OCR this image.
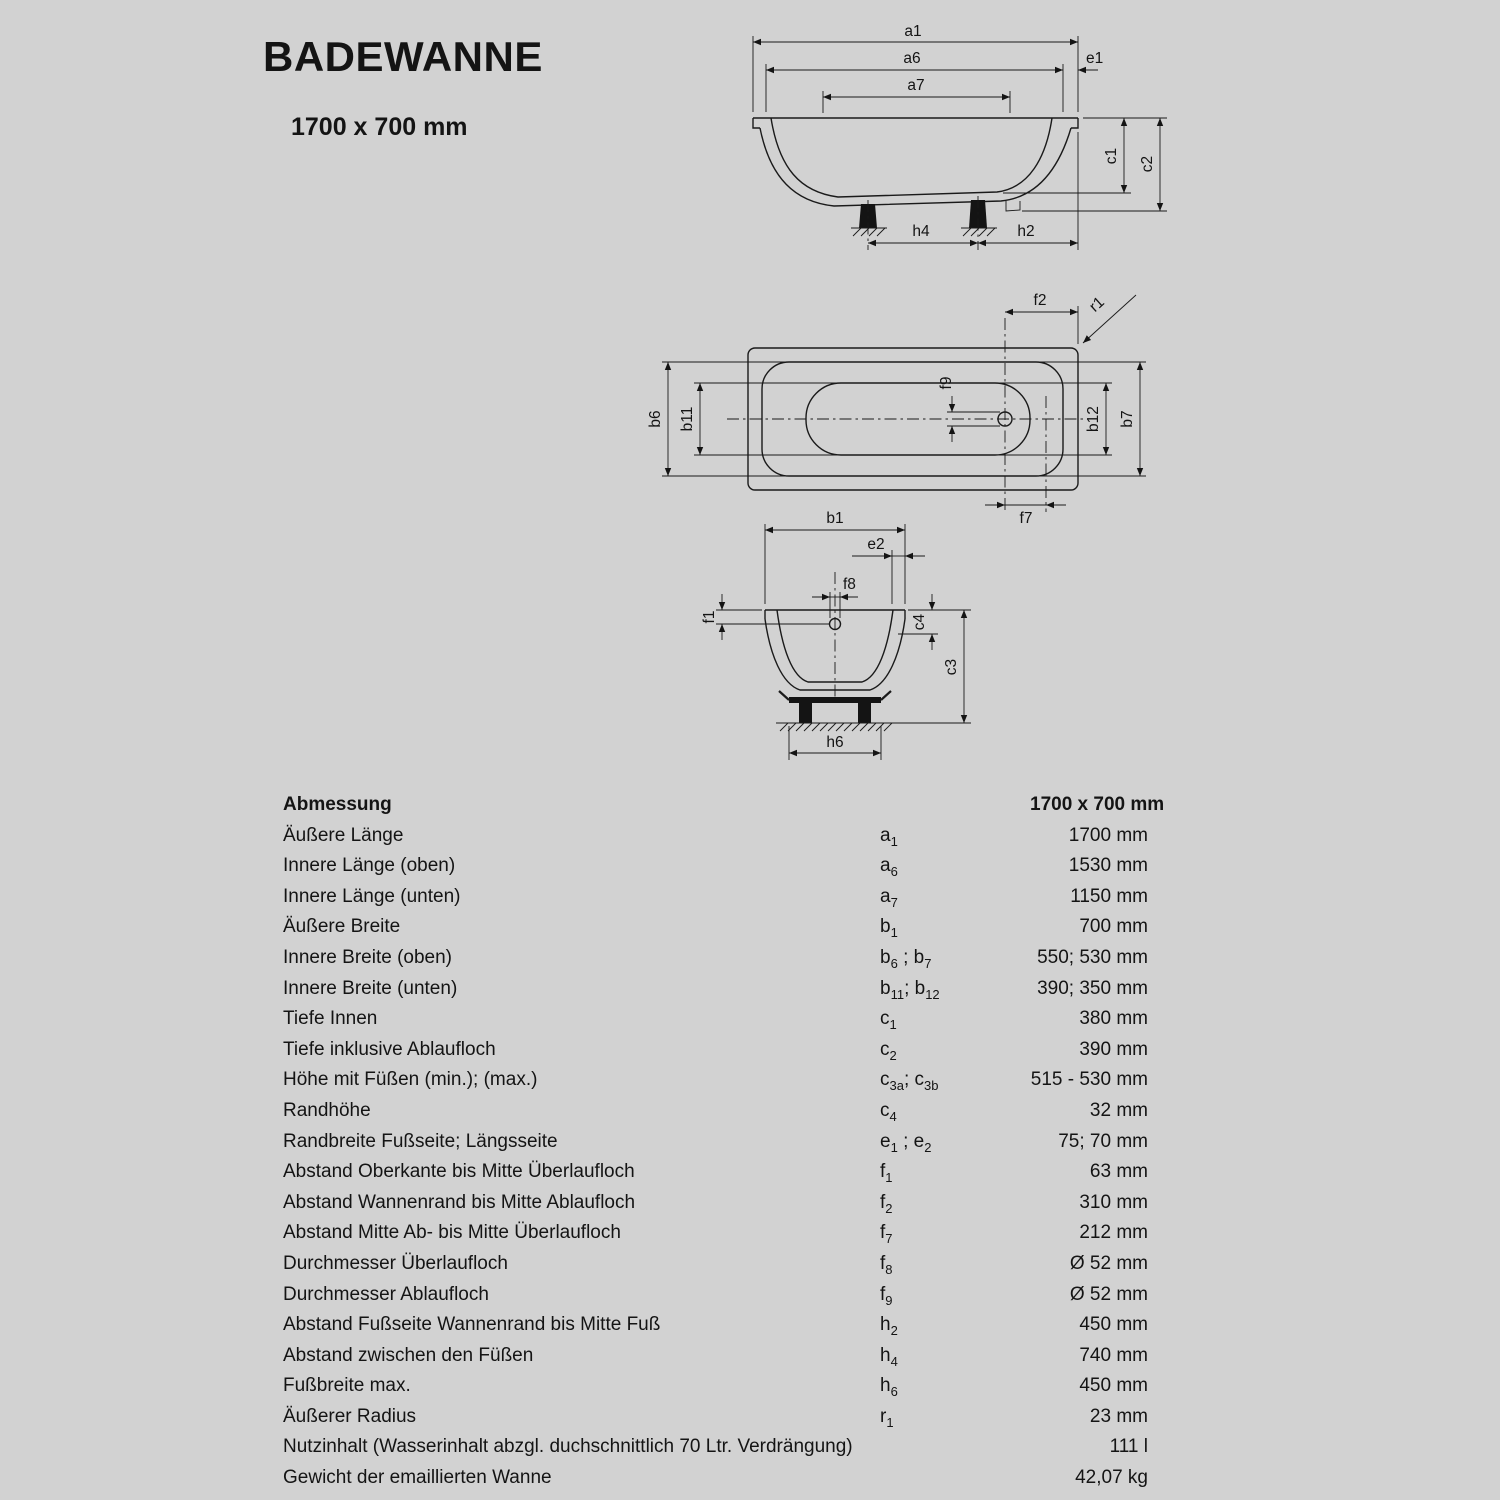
BADEWANNE
1700 x 700 mm
a1
a6	e1
a7
c1 c2
h4	h2
f2	r1
f9
b6 b11	b12 b7
f7
b1
e2
f8
f1	c4
c3
h6
Abmessung	1700 x 700 mm
Äußere Länge	$a_1$	1700 mm
Innere Länge (oben)	$a_6$	1530 mm
Innere Länge (unten)	$a_7$	1150 mm
Äußere Breite	$b_1$	700 mm
Innere Breite (oben)	$b_6$ ; $b_7$	550; 530 mm
Innere Breite (unten)	$b_{11}$; $b_{12}$	390; 350 mm
Tiefe Innen	$c_1$	380 mm
Tiefe inklusive Ablaufloch	$c_2$	390 mm
Höhe mit Füßen (min.); (max.)	$c_{3a}$; $c_{3b}$	515 - 530 mm
Randhöhe	$c_4$	32 mm
Randbreite Fußseite; Längsseite	$e_1$ ; $e_2$	75; 70 mm
Abstand Oberkante bis Mitte Überlaufloch	$f_1$	63 mm
Abstand Wannenrand bis Mitte Ablaufloch	$f_2$	310 mm
Abstand Mitte Ab- bis Mitte Überlaufloch	$f_7$	212 mm
Durchmesser Überlaufloch	$f_8$	Ø 52 mm
Durchmesser Ablaufloch	$f_9$	Ø 52 mm
Abstand Fußseite Wannenrand bis Mitte Fuß	$h_2$	450 mm
Abstand zwischen den Füßen	$h_4$	740 mm
Fußbreite max.	$h_6$	450 mm
Äußerer Radius	$r_1$	23 mm
Nutzinhalt (Wasserinhalt abzgl. duchschnittlich 70 Ltr. Verdrängung)	111 l
Gewicht der emaillierten Wanne	42,07 kg
